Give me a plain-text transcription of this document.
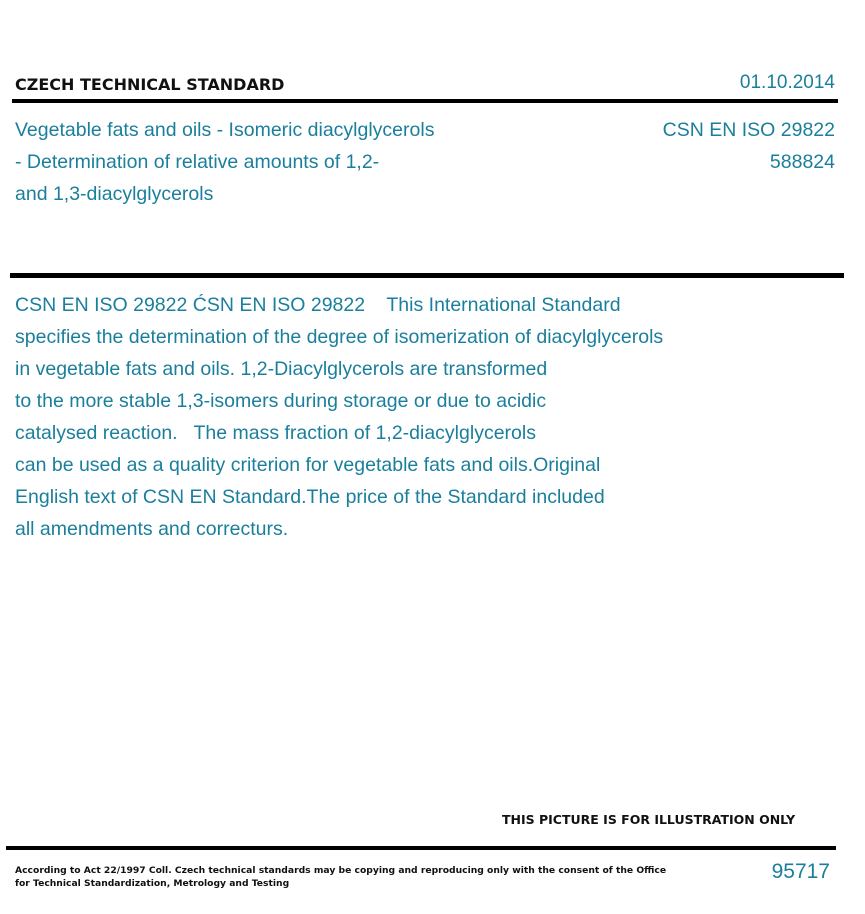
CZECH TECHNICAL STANDARD	01.10.2014
Vegetable fats and oils - Isomeric diacylglycerols
- Determination of relative amounts of 1,2-
and 1,3-diacylglycerols
CSN EN ISO 29822
588824
CSN EN ISO 29822 ĆSN EN ISO 29822    This International Standard
specifies the determination of the degree of isomerization of diacylglycerols
in vegetable fats and oils. 1,2-Diacylglycerols are transformed
to the more stable 1,3-isomers during storage or due to acidic
catalysed reaction.   The mass fraction of 1,2-diacylglycerols
can be used as a quality criterion for vegetable fats and oils.Original
English text of CSN EN Standard.The price of the Standard included
all amendments and correcturs.
THIS PICTURE IS FOR ILLUSTRATION ONLY
According to Act 22/1997 Coll. Czech technical standards may be copying and reproducing only with the consent of the Office
for Technical Standardization, Metrology and Testing
95717
